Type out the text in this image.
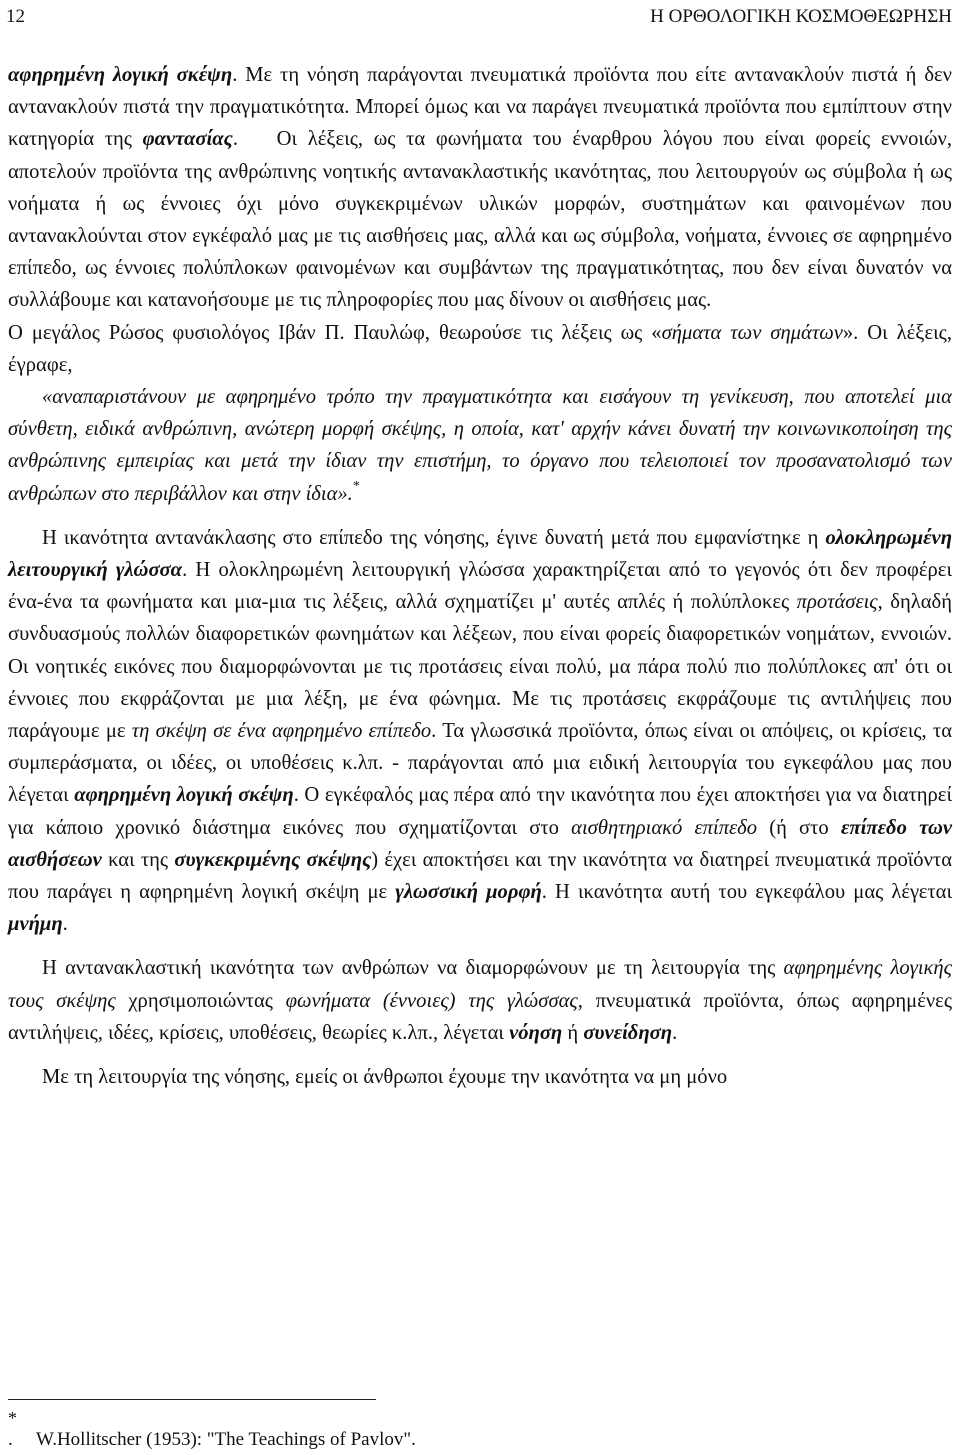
12	Η ΟΡΘΟΛΟΓΙΚΗ ΚΟΣΜΟΘΕΩΡΗΣΗ

αφηρημένη λογική σκέψη. Με τη νόηση παράγονται πνευματικά προϊόντα που είτε αντανακλούν πιστά ή δεν αντανακλούν πιστά την πραγματικότητα. Μπορεί όμως και να παράγει πνευματικά προϊόντα που εμπίπτουν στην κατηγορία της φαντασίας. Οι λέξεις, ως τα φωνήματα του έναρθρου λόγου που είναι φορείς εννοιών, αποτελούν προϊόντα της ανθρώπινης νοητικής αντανακλαστικής ικανότητας, που λειτουργούν ως σύμβολα ή ως νοήματα ή ως έννοιες όχι μόνο συγκεκριμένων υλικών μορφών, συστημάτων και φαινομένων που αντανακλούνται στον εγκέφαλό μας με τις αισθήσεις μας, αλλά και ως σύμβολα, νοήματα, έννοιες σε αφηρημένο επίπεδο, ως έννοιες πολύπλοκων φαινομένων και συμβάντων της πραγματικότητας, που δεν είναι δυνατόν να συλλάβουμε και κατανοήσουμε με τις πληροφορίες που μας δίνουν οι αισθήσεις μας.

Ο μεγάλος Ρώσος φυσιολόγος Ιβάν Π. Παυλώφ, θεωρούσε τις λέξεις ως «σήματα των σημάτων». Οι λέξεις, έγραφε,

«αναπαριστάνουν με αφηρημένο τρόπο την πραγματικότητα και εισάγουν τη γενίκευση, που αποτελεί μια σύνθετη, ειδικά ανθρώπινη, ανώτερη μορφή σκέψης, η οποία, κατ' αρχήν κάνει δυνατή την κοινωνικοποίηση της ανθρώπινης εμπειρίας και μετά την ίδιαν την επιστήμη, το όργανο που τελειοποιεί τον προσανατολισμό των ανθρώπων στο περιβάλλον και στην ίδια».*

Η ικανότητα αντανάκλασης στο επίπεδο της νόησης, έγινε δυνατή μετά που εμφανίστηκε η ολοκληρωμένη λειτουργική γλώσσα. Η ολοκληρωμένη λειτουργική γλώσσα χαρακτηρίζεται από το γεγονός ότι δεν προφέρει ένα-ένα τα φωνήματα και μια-μια τις λέξεις, αλλά σχηματίζει μ' αυτές απλές ή πολύπλοκες προτάσεις, δηλαδή συνδυασμούς πολλών διαφορετικών φωνημάτων και λέξεων, που είναι φορείς διαφορετικών νοημάτων, εννοιών. Οι νοητικές εικόνες που διαμορφώνονται με τις προτάσεις είναι πολύ, μα πάρα πολύ πιο πολύπλοκες απ' ότι οι έννοιες που εκφράζονται με μια λέξη, με ένα φώνημα. Με τις προτάσεις εκφράζουμε τις αντιλήψεις που παράγουμε με τη σκέψη σε ένα αφηρημένο επίπεδο. Τα γλωσσικά προϊόντα, όπως είναι οι απόψεις, οι κρίσεις, τα συμπεράσματα, οι ιδέες, οι υποθέσεις κ.λπ. - παράγονται από μια ειδική λειτουργία του εγκεφάλου μας που λέγεται αφηρημένη λογική σκέψη. Ο εγκέφαλός μας πέρα από την ικανότητα που έχει αποκτήσει για να διατηρεί για κάποιο χρονικό διάστημα εικόνες που σχηματίζονται στο αισθητηριακό επίπεδο (ή στο επίπεδο των αισθήσεων και της συγκεκριμένης σκέψης) έχει αποκτήσει και την ικανότητα να διατηρεί πνευματικά προϊόντα που παράγει η αφηρημένη λογική σκέψη με γλωσσική μορφή. Η ικανότητα αυτή του εγκεφάλου μας λέγεται μνήμη.

Η αντανακλαστική ικανότητα των ανθρώπων να διαμορφώνουν με τη λειτουργία της αφηρημένης λογικής τους σκέψης χρησιμοποιώντας φωνήματα (έννοιες) της γλώσσας, πνευματικά προϊόντα, όπως αφηρημένες αντιλήψεις, ιδέες, κρίσεις, υποθέσεις, θεωρίες κ.λπ., λέγεται νόηση ή συνείδηση.

Με τη λειτουργία της νόησης, εμείς οι άνθρωποι έχουμε την ικανότητα να μη μόνο

*
. W.Hollitscher (1953): "The Teachings of Pavlov".
